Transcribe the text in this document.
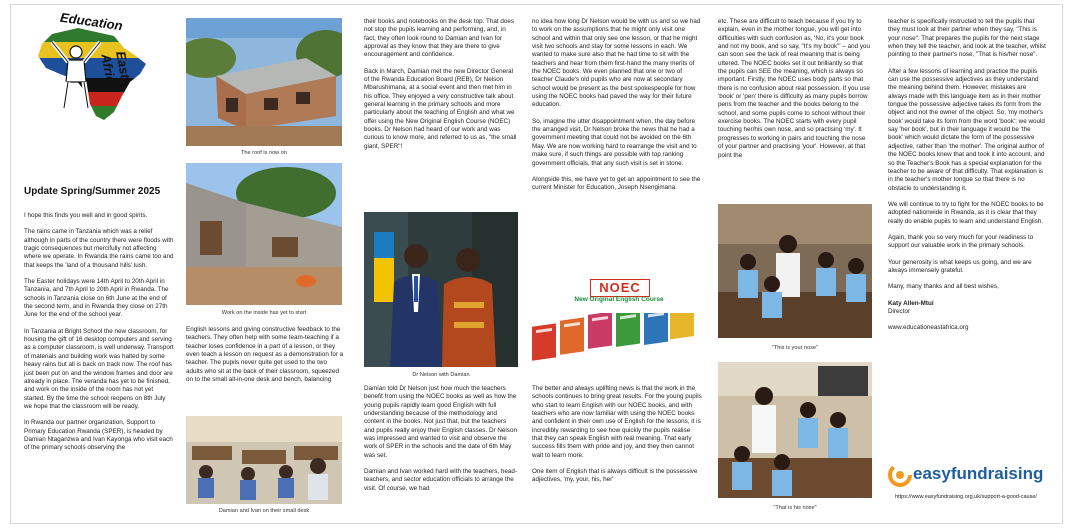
Education
East Africa
Update Spring/Summer 2025

I hope this finds you well and in good spirits.

The rains came in Tanzania which was a relief although in parts of the country there were floods with tragic consequences but mercifully not affecting where we operate. In Rwanda the rains came too and that keeps the 'land of a thousand hills' lush.

The Easter holidays were 14th April to 20th April in Tanzania, and 7th April to 20th April in Rwanda. The schools in Tanzania close on 6th June at the end of the second term, and in Rwanda they close on 27th June for the end of the school year.

In Tanzania at Bright School the new classroom, for housing the gift of 16 desktop computers and serving as a computer classroom, is well underway. Transport of materials and building work was halted by some heavy rains but all is back on track now. The roof has just been put on and the window frames and door are already in place. The veranda has yet to be finished, and work on the inside of the room has not yet started. By the time the school reopens on 8th July we hope that the classroom will be ready.

In Rwanda our partner organization, Support to Primary Education Rwanda (SPER), is headed by Damian Ntaganzwa and Ivan Kayonga who visit each of the primary schools observing the

The roof is now on
Work on the inside has yet to start

English lessons and giving constructive feedback to the teachers. They often help with some team-teaching if a teacher loses confidence in a part of a lesson, or they even teach a lesson on request as a demonstration for a teacher. The pupils never quite get used to the two adults who sit at the back of their classroom, squeezed on to the small all-in-one desk and bench, balancing

Damian and Ivan on their small desk

their books and notebooks on the desk top. That does not stop the pupils learning and performing, and, in fact, they often look round to Damian and Ivan for approval as they know that they are there to give encouragement and confidence.

Back in March, Damian met the new Director General of the Rwanda Education Board (REB), Dr Nelson Mbarushimana, at a social event and then met him in his office. They enjoyed a very constructive talk about general learning in the primary schools and more particularly about the teaching of English and what we offer using the New Original English Course (NOEC) books. Dr Nelson had heard of our work and was curious to know more, and referred to us as, "the small giant, SPER"!

Dr Nelson with Damian

Damian told Dr Nelson just how much the teachers benefit from using the NOEC books as well as how the young pupils rapidly learn good English with full understanding because of the methodology and content in the books. Not just that, but the teachers and pupils really enjoy their English classes. Dr Nelson was impressed and wanted to visit and observe the work of SPER in the schools and the date of 6th May was set.

Damian and Ivan worked hard with the teachers, head-teachers, and sector education officials to arrange the visit. Of course, we had

no idea how long Dr Nelson would be with us and so we had to work on the assumptions that he might only visit one school and within that only see one lesson, or that he might visit two schools and stay for some lessons in each. We wanted to make sure also that he had time to sit with the teachers and hear from them first-hand the many merits of the NOEC books. We even planned that one or two of teacher Claude's old pupils who are now at secondary school would be present as the best spokespeople for how using the NOEC books had paved the way for their future education.

So, imagine the utter disappointment when, the day before the arranged visit, Dr Nelson broke the news that he had a government meeting that could not be avoided on the 6th May. We are now working hard to rearrange the visit and to make sure, if such things are possible with top ranking government officials, that any such visit is set in stone.

Alongside this, we have yet to get an appointment to see the current Minister for Education, Joseph Nsengimana.

NOEC
New Original English Course

The better and always uplifting news is that the work in the schools continues to bring great results. For the young pupils who start to learn English with our NOEC books, and with teachers who are now familiar with using the NOEC books and confident in their own use of English for the lessons, it is incredibly rewarding to see how quickly the pupils realise that they can speak English with real meaning. That early success fills them with pride and joy, and they then cannot wait to learn more.

One item of English that is always difficult is the possessive adjectives, 'my, your, his, her'

etc. These are difficult to teach because if you try to explain, even in the mother tongue, you will get into difficulties with such confusion as, 'No, it's your book and not my book, and so say, "It's my book"' – and you can soon see the lack of real meaning that is being uttered. The NOEC books set it out brilliantly so that the pupils can SEE the meaning, which is always so important. Firstly, the NOEC uses body parts so that there is no confusion about real possession. If you use 'book' or 'pen' there is difficulty as many pupils borrow pens from the teacher and the books belong to the school, and some pupils come to school without their exercise books. The NOEC starts with every pupil touching her/his own nose, and so practising 'my'. It progresses to working in pairs and touching the nose of your partner and practising 'your'. However, at that point the

"This is your nose"
"That is his nose"

teacher is specifically instructed to tell the pupils that they must look at their partner when they say, "This is your nose". That prepares the pupils for the next stage when they tell the teacher, and look at the teacher, whilst pointing to their partner's nose, "That is his/her nose".

After a few lessons of learning and practice the pupils can use the possessive adjectives as they understand the meaning behind them. However, mistakes are always made with this language item as in their mother tongue the possessive adjective takes its form from the object and not the owner of the object. So, 'my mother's book' would take its form from the word 'book'; we would say 'her book', but in their language it would be 'the book' which would dictate the form of the possessive adjective, rather than 'the mother'. The original author of the NOEC books knew that and took it into account, and so the Teacher's Book has a special explanation for the teacher to be aware of that difficulty. That explanation is in the teacher's mother tongue so that there is no obstacle to understanding it.

We will continue to try to fight for the NOEC books to be adopted nationwide in Rwanda, as it is clear that they really do enable pupils to learn and understand English.

Again, thank you so very much for your readiness to support our valuable work in the primary schools.

Your generosity is what keeps us going, and we are always immensely grateful.

Many, many thanks and all best wishes,

Katy Allen-Mtui
Director
www.educationeastafrica.org
easyfundraising
https://www.easyfundraising.org.uk/support-a-good-cause/
